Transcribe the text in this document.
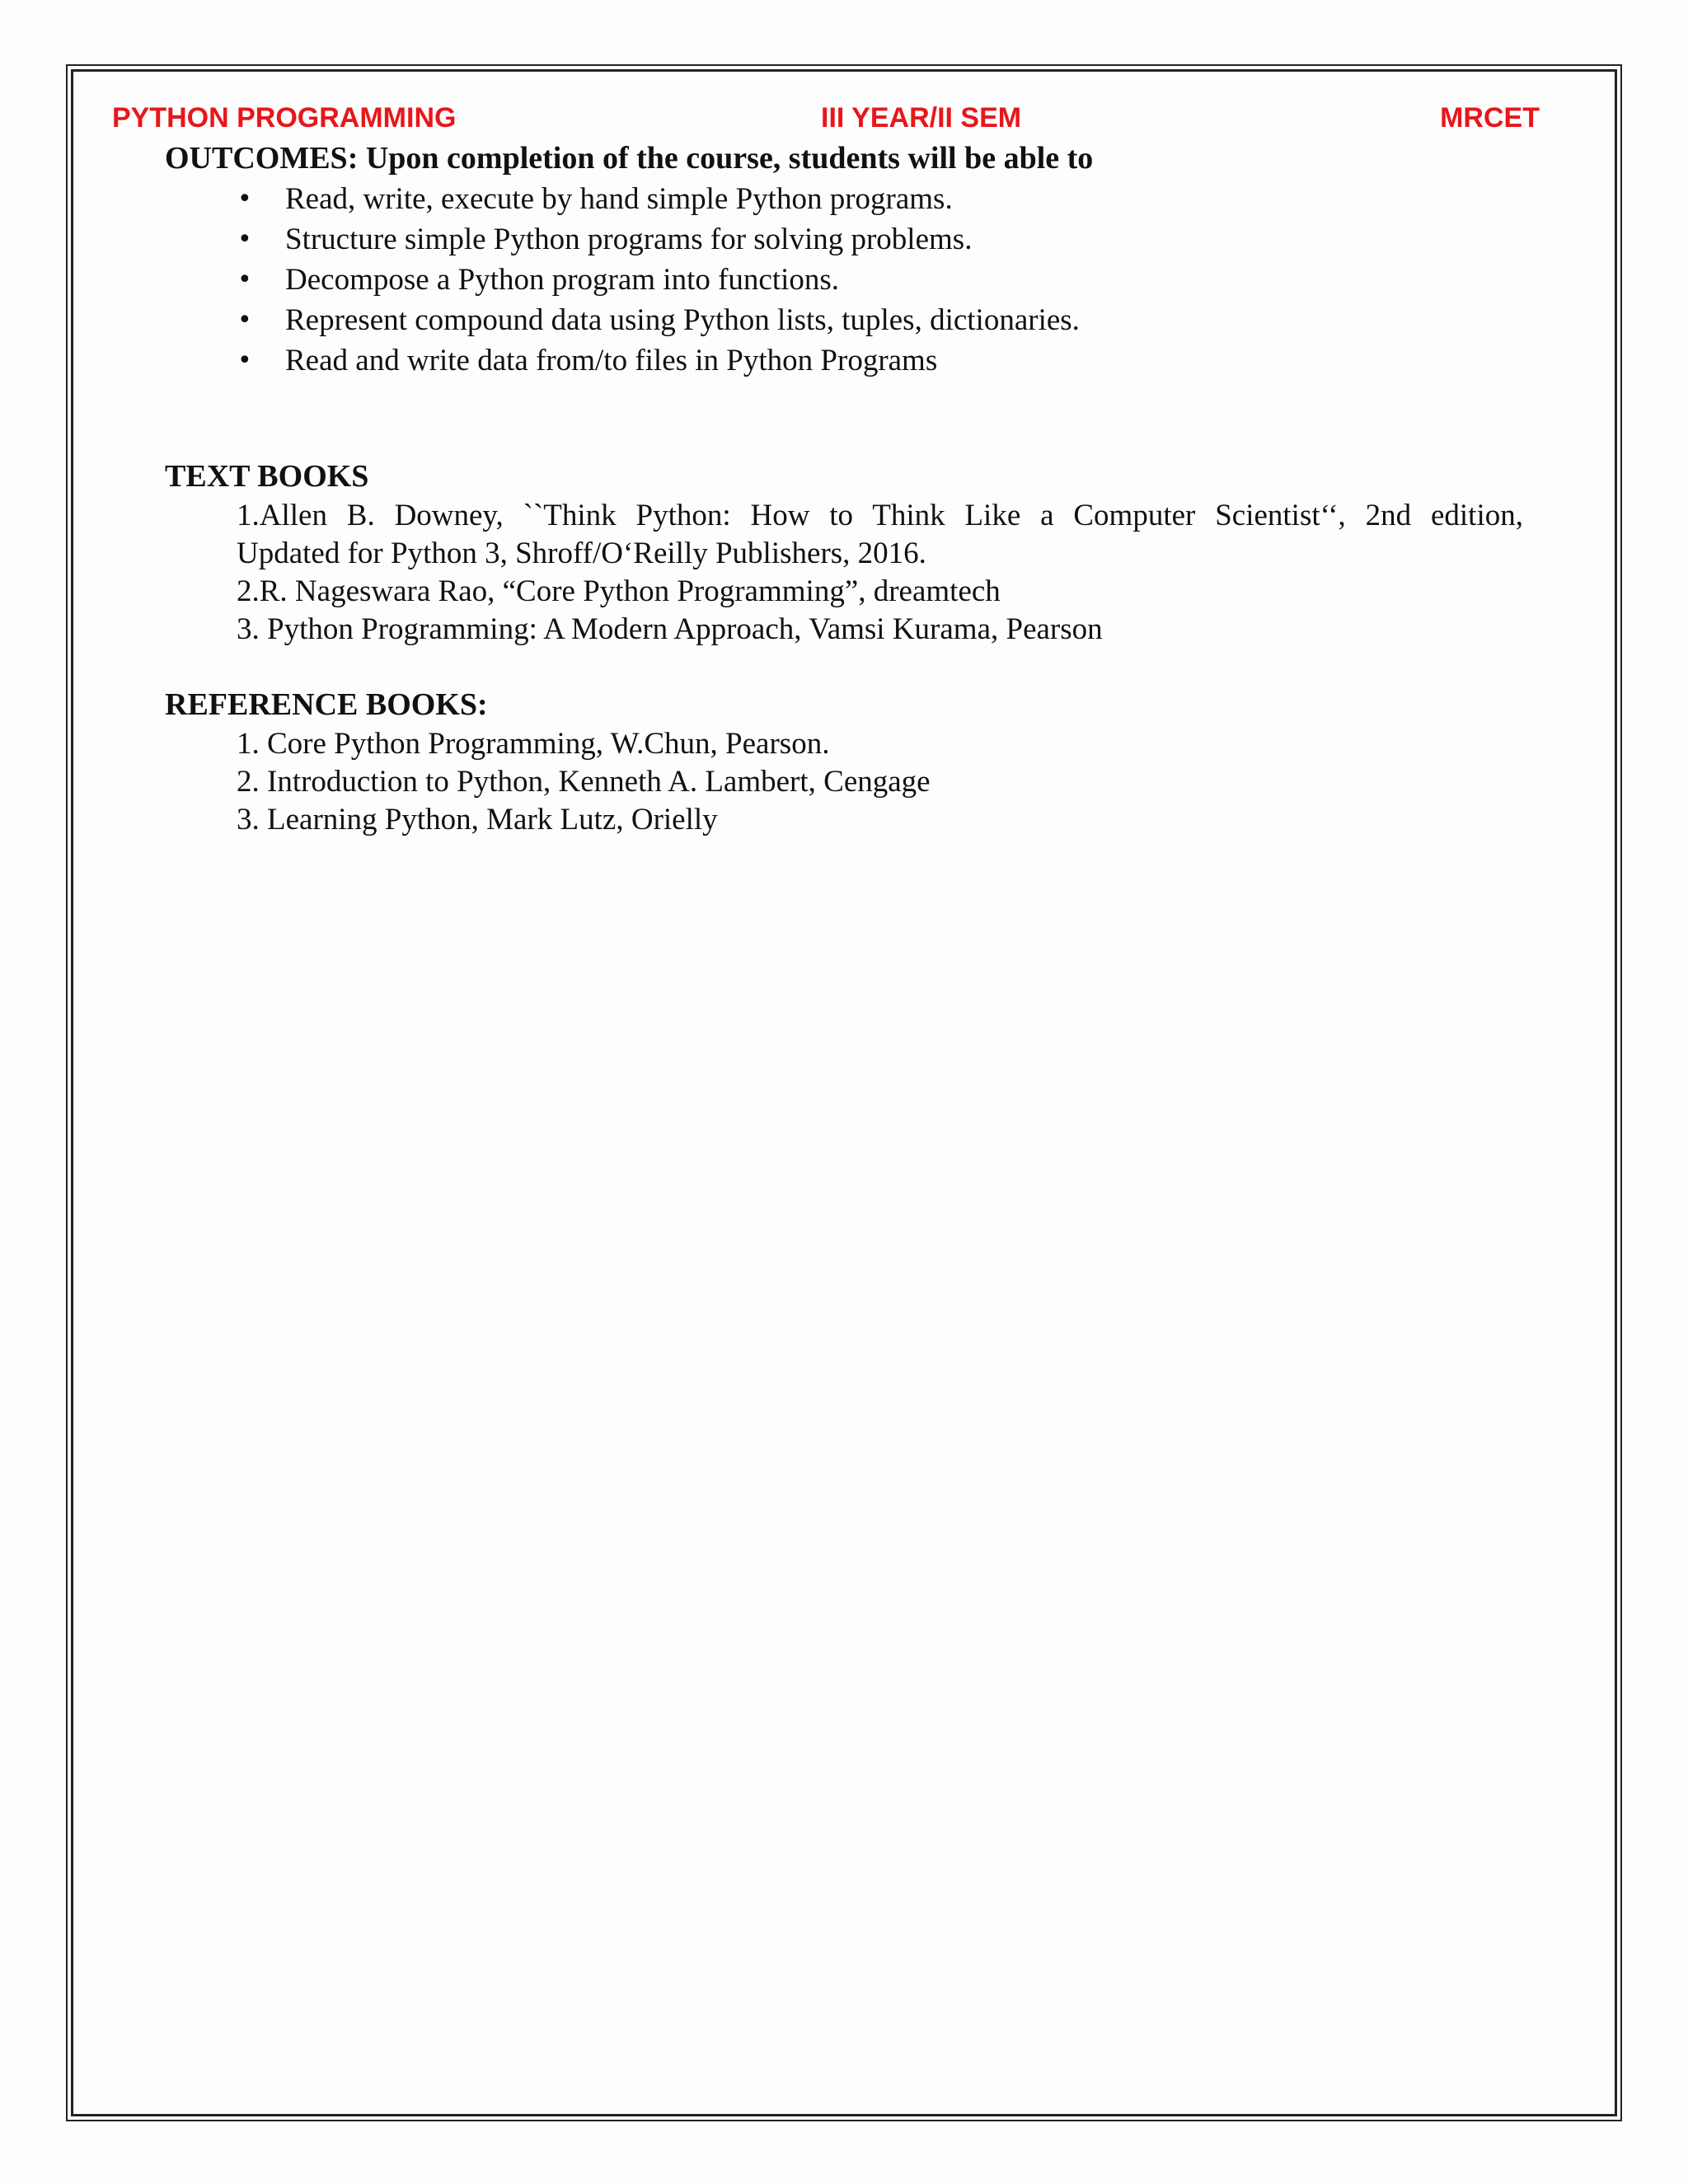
PYTHON PROGRAMMING	III YEAR/II SEM	MRCET

OUTCOMES: Upon completion of the course, students will be able to

• Read, write, execute by hand simple Python programs.
• Structure simple Python programs for solving problems.
• Decompose a Python program into functions.
• Represent compound data using Python lists, tuples, dictionaries.
• Read and write data from/to files in Python Programs

TEXT BOOKS

1.Allen B. Downey, ``Think Python: How to Think Like a Computer Scientist‘‘, 2nd edition,

Updated for Python 3, Shroff/O‘Reilly Publishers, 2016.

2.R. Nageswara Rao, “Core Python Programming”, dreamtech

3. Python Programming: A Modern Approach, Vamsi Kurama, Pearson

REFERENCE BOOKS:

1. Core Python Programming, W.Chun, Pearson.

2. Introduction to Python, Kenneth A. Lambert, Cengage

3. Learning Python, Mark Lutz, Orielly
